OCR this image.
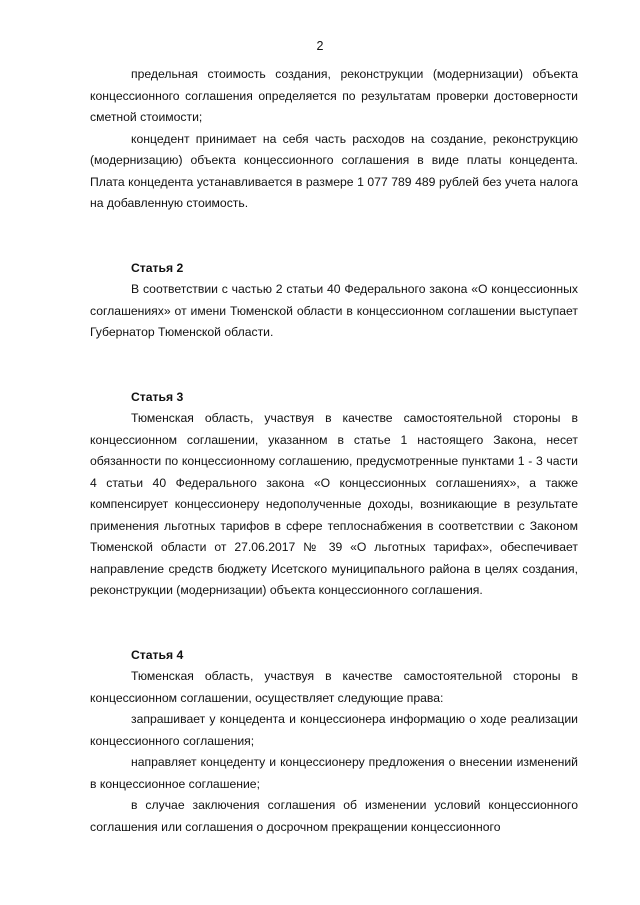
2

предельная стоимость создания, реконструкции (модернизации) объекта концессионного соглашения определяется по результатам проверки достоверности сметной стоимости;

концедент принимает на себя часть расходов на создание, реконструкцию (модернизацию) объекта концессионного соглашения в виде платы концедента. Плата концедента устанавливается в размере 1 077 789 489 рублей без учета налога на добавленную стоимость.

Статья 2

В соответствии с частью 2 статьи 40 Федерального закона «О концессионных соглашениях» от имени Тюменской области в концессионном соглашении выступает Губернатор Тюменской области.

Статья 3

Тюменская область, участвуя в качестве самостоятельной стороны в концессионном соглашении, указанном в статье 1 настоящего Закона, несет обязанности по концессионному соглашению, предусмотренные пунктами 1 - 3 части 4 статьи 40 Федерального закона «О концессионных соглашениях», а также компенсирует концессионеру недополученные доходы, возникающие в результате применения льготных тарифов в сфере теплоснабжения в соответствии с Законом Тюменской области от 27.06.2017 № 39 «О льготных тарифах», обеспечивает направление средств бюджету Исетского муниципального района в целях создания, реконструкции (модернизации) объекта концессионного соглашения.

Статья 4

Тюменская область, участвуя в качестве самостоятельной стороны в концессионном соглашении, осуществляет следующие права:

запрашивает у концедента и концессионера информацию о ходе реализации концессионного соглашения;

направляет концеденту и концессионеру предложения о внесении изменений в концессионное соглашение;

в случае заключения соглашения об изменении условий концессионного соглашения или соглашения о досрочном прекращении концессионного
